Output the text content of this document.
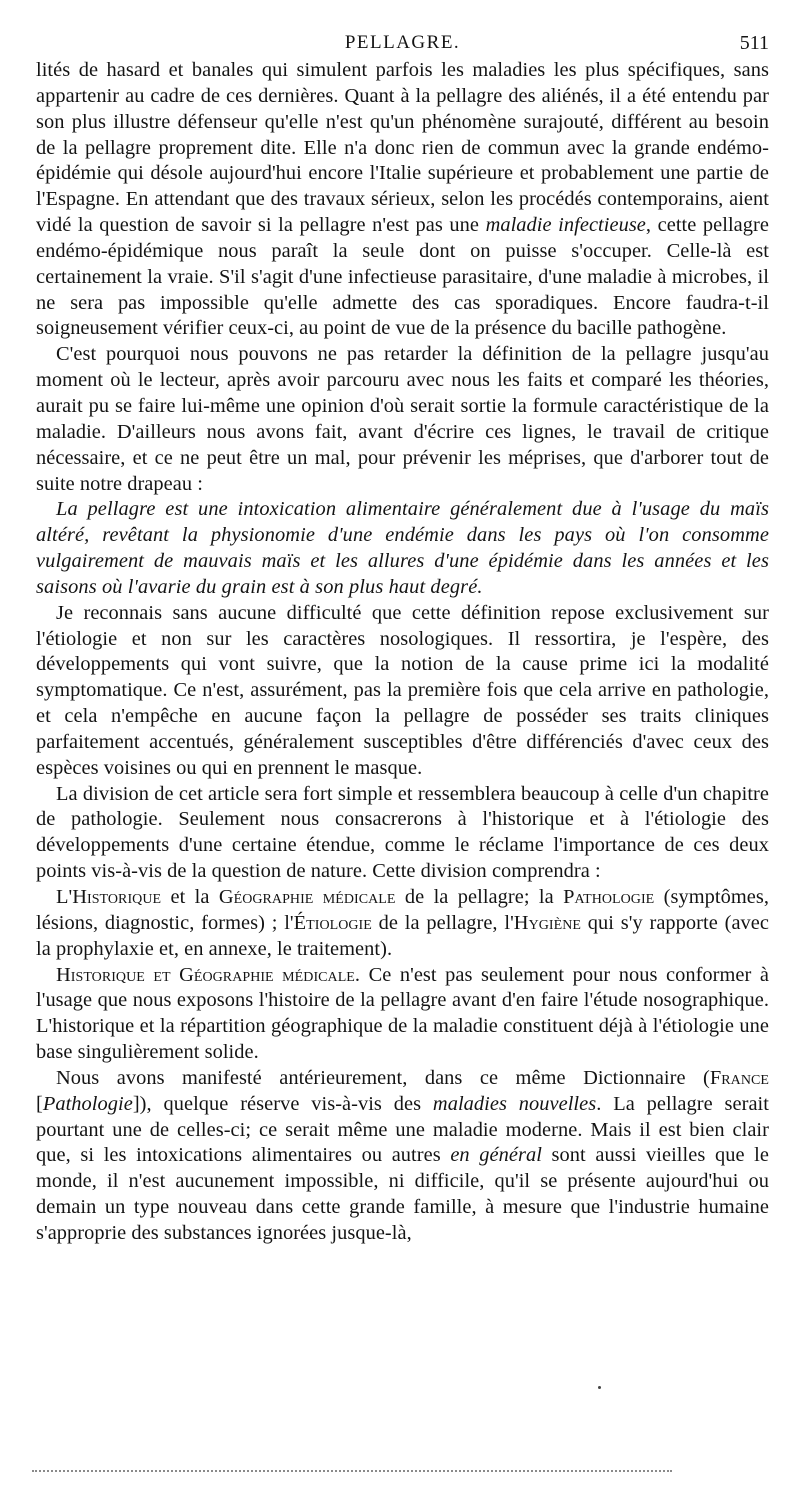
PELLAGRE.	511

lités de hasard et banales qui simulent parfois les maladies les plus spécifiques, sans appartenir au cadre de ces dernières. Quant à la pellagre des aliénés, il a été entendu par son plus illustre défenseur qu'elle n'est qu'un phénomène surajouté, différent au besoin de la pellagre proprement dite. Elle n'a donc rien de commun avec la grande endémo-épidémie qui désole aujourd'hui encore l'Italie supérieure et probablement une partie de l'Espagne. En attendant que des travaux sérieux, selon les procédés contemporains, aient vidé la question de savoir si la pellagre n'est pas une maladie infectieuse, cette pellagre endémo-épidémique nous paraît la seule dont on puisse s'occuper. Celle-là est certainement la vraie. S'il s'agit d'une infectieuse parasitaire, d'une maladie à microbes, il ne sera pas impossible qu'elle admette des cas sporadiques. Encore faudra-t-il soigneusement vérifier ceux-ci, au point de vue de la présence du bacille pathogène.

C'est pourquoi nous pouvons ne pas retarder la définition de la pellagre jusqu'au moment où le lecteur, après avoir parcouru avec nous les faits et comparé les théories, aurait pu se faire lui-même une opinion d'où serait sortie la formule caractéristique de la maladie. D'ailleurs nous avons fait, avant d'écrire ces lignes, le travail de critique nécessaire, et ce ne peut être un mal, pour prévenir les méprises, que d'arborer tout de suite notre drapeau :

La pellagre est une intoxication alimentaire généralement due à l'usage du maïs altéré, revêtant la physionomie d'une endémie dans les pays où l'on consomme vulgairement de mauvais maïs et les allures d'une épidémie dans les années et les saisons où l'avarie du grain est à son plus haut degré.

Je reconnais sans aucune difficulté que cette définition repose exclusivement sur l'étiologie et non sur les caractères nosologiques. Il ressortira, je l'espère, des développements qui vont suivre, que la notion de la cause prime ici la modalité symptomatique. Ce n'est, assurément, pas la première fois que cela arrive en pathologie, et cela n'empêche en aucune façon la pellagre de posséder ses traits cliniques parfaitement accentués, généralement susceptibles d'être différenciés d'avec ceux des espèces voisines ou qui en prennent le masque.

La division de cet article sera fort simple et ressemblera beaucoup à celle d'un chapitre de pathologie. Seulement nous consacrerons à l'historique et à l'étiologie des développements d'une certaine étendue, comme le réclame l'importance de ces deux points vis-à-vis de la question de nature. Cette division comprendra :

L'Historique et la Géographie médicale de la pellagre; la Pathologie (symptômes, lésions, diagnostic, formes) ; l'Étiologie de la pellagre, l'Hygiène qui s'y rapporte (avec la prophylaxie et, en annexe, le traitement).

Historique et Géographie médicale. Ce n'est pas seulement pour nous conformer à l'usage que nous exposons l'histoire de la pellagre avant d'en faire l'étude nosographique. L'historique et la répartition géographique de la maladie constituent déjà à l'étiologie une base singulièrement solide.

Nous avons manifesté antérieurement, dans ce même Dictionnaire (France [Pathologie]), quelque réserve vis-à-vis des maladies nouvelles. La pellagre serait pourtant une de celles-ci; ce serait même une maladie moderne. Mais il est bien clair que, si les intoxications alimentaires ou autres en général sont aussi vieilles que le monde, il n'est aucunement impossible, ni difficile, qu'il se présente aujourd'hui ou demain un type nouveau dans cette grande famille, à mesure que l'industrie humaine s'approprie des substances ignorées jusque-là,
